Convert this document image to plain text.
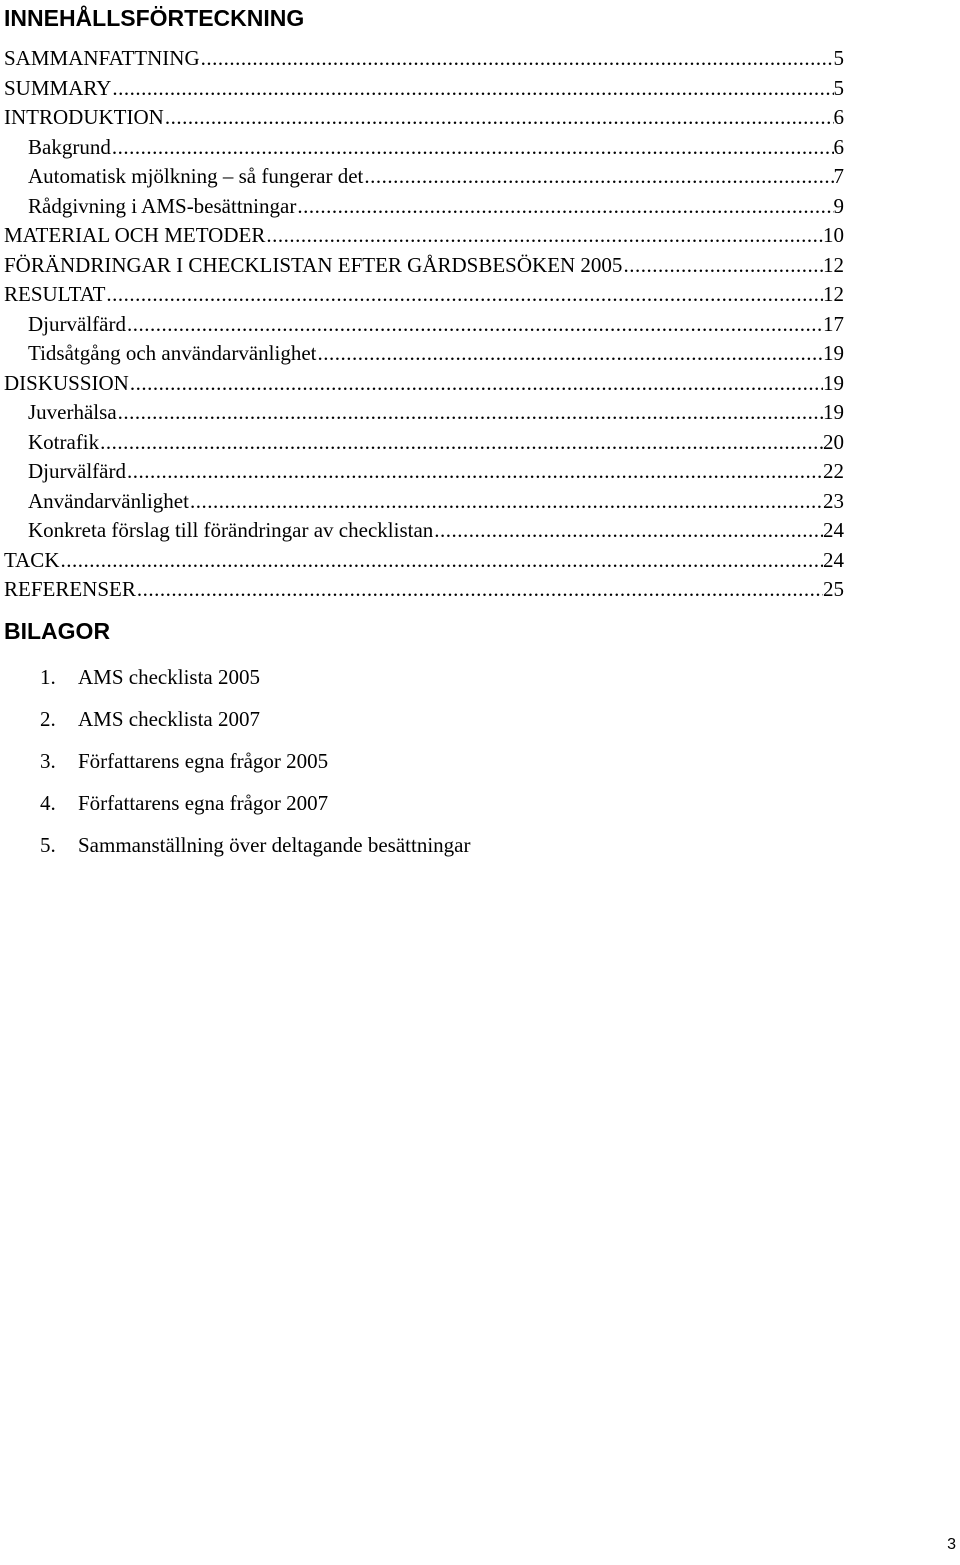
INNEHÅLLSFÖRTECKNING
SAMMANFATTNING .....	5
SUMMARY .....	5
INTRODUKTION .....	6
Bakgrund .....	6
Automatisk mjölkning – så fungerar det .....	7
Rådgivning i AMS-besättningar .....	9
MATERIAL OCH METODER .....	10
FÖRÄNDRINGAR I CHECKLISTAN EFTER GÅRDSBESÖKEN 2005 .....	12
RESULTAT .....	12
Djurvälfärd .....	17
Tidsåtgång och användarvänlighet .....	19
DISKUSSION .....	19
Juverhälsa .....	19
Kotrafik .....	20
Djurvälfärd .....	22
Användarvänlighet .....	23
Konkreta förslag till förändringar av checklistan .....	24
TACK .....	24
REFERENSER .....	25
BILAGOR
1. AMS checklista 2005
2. AMS checklista 2007
3. Författarens egna frågor 2005
4. Författarens egna frågor 2007
5. Sammanställning över deltagande besättningar
3
